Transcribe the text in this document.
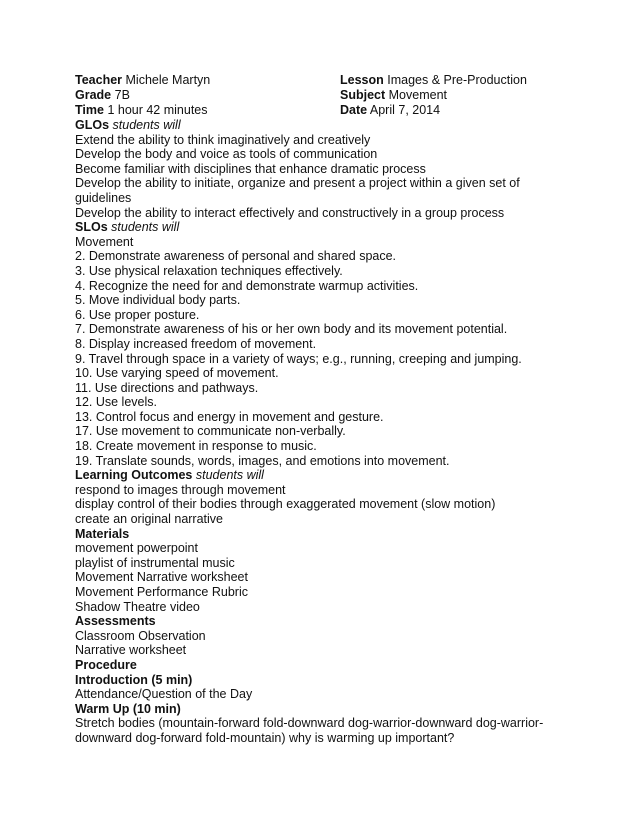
Teacher Michele Martyn	Lesson Images & Pre-Production
Grade 7B	Subject Movement
Time 1 hour 42 minutes	Date April 7, 2014
GLOs students will
Extend the ability to think imaginatively and creatively
Develop the body and voice as tools of communication
Become familiar with disciplines that enhance dramatic process
Develop the ability to initiate, organize and present a project within a given set of guidelines
Develop the ability to interact effectively and constructively in a group process
SLOs students will
Movement
2. Demonstrate awareness of personal and shared space.
3. Use physical relaxation techniques effectively.
4. Recognize the need for and demonstrate warmup activities.
5. Move individual body parts.
6. Use proper posture.
7. Demonstrate awareness of his or her own body and its movement potential.
8. Display increased freedom of movement.
9. Travel through space in a variety of ways; e.g., running, creeping and jumping.
10. Use varying speed of movement.
11. Use directions and pathways.
12. Use levels.
13. Control focus and energy in movement and gesture.
17. Use movement to communicate non-verbally.
18. Create movement in response to music.
19. Translate sounds, words, images, and emotions into movement.
Learning Outcomes students will
respond to images through movement
display control of their bodies through exaggerated movement (slow motion)
create an original narrative
Materials
movement powerpoint
playlist of instrumental music
Movement Narrative worksheet
Movement Performance Rubric
Shadow Theatre video
Assessments
Classroom Observation
Narrative worksheet
Procedure
Introduction (5 min)
Attendance/Question of the Day
Warm Up (10 min)
Stretch bodies (mountain-forward fold-downward dog-warrior-downward dog-warrior-downward dog-forward fold-mountain) why is warming up important?
